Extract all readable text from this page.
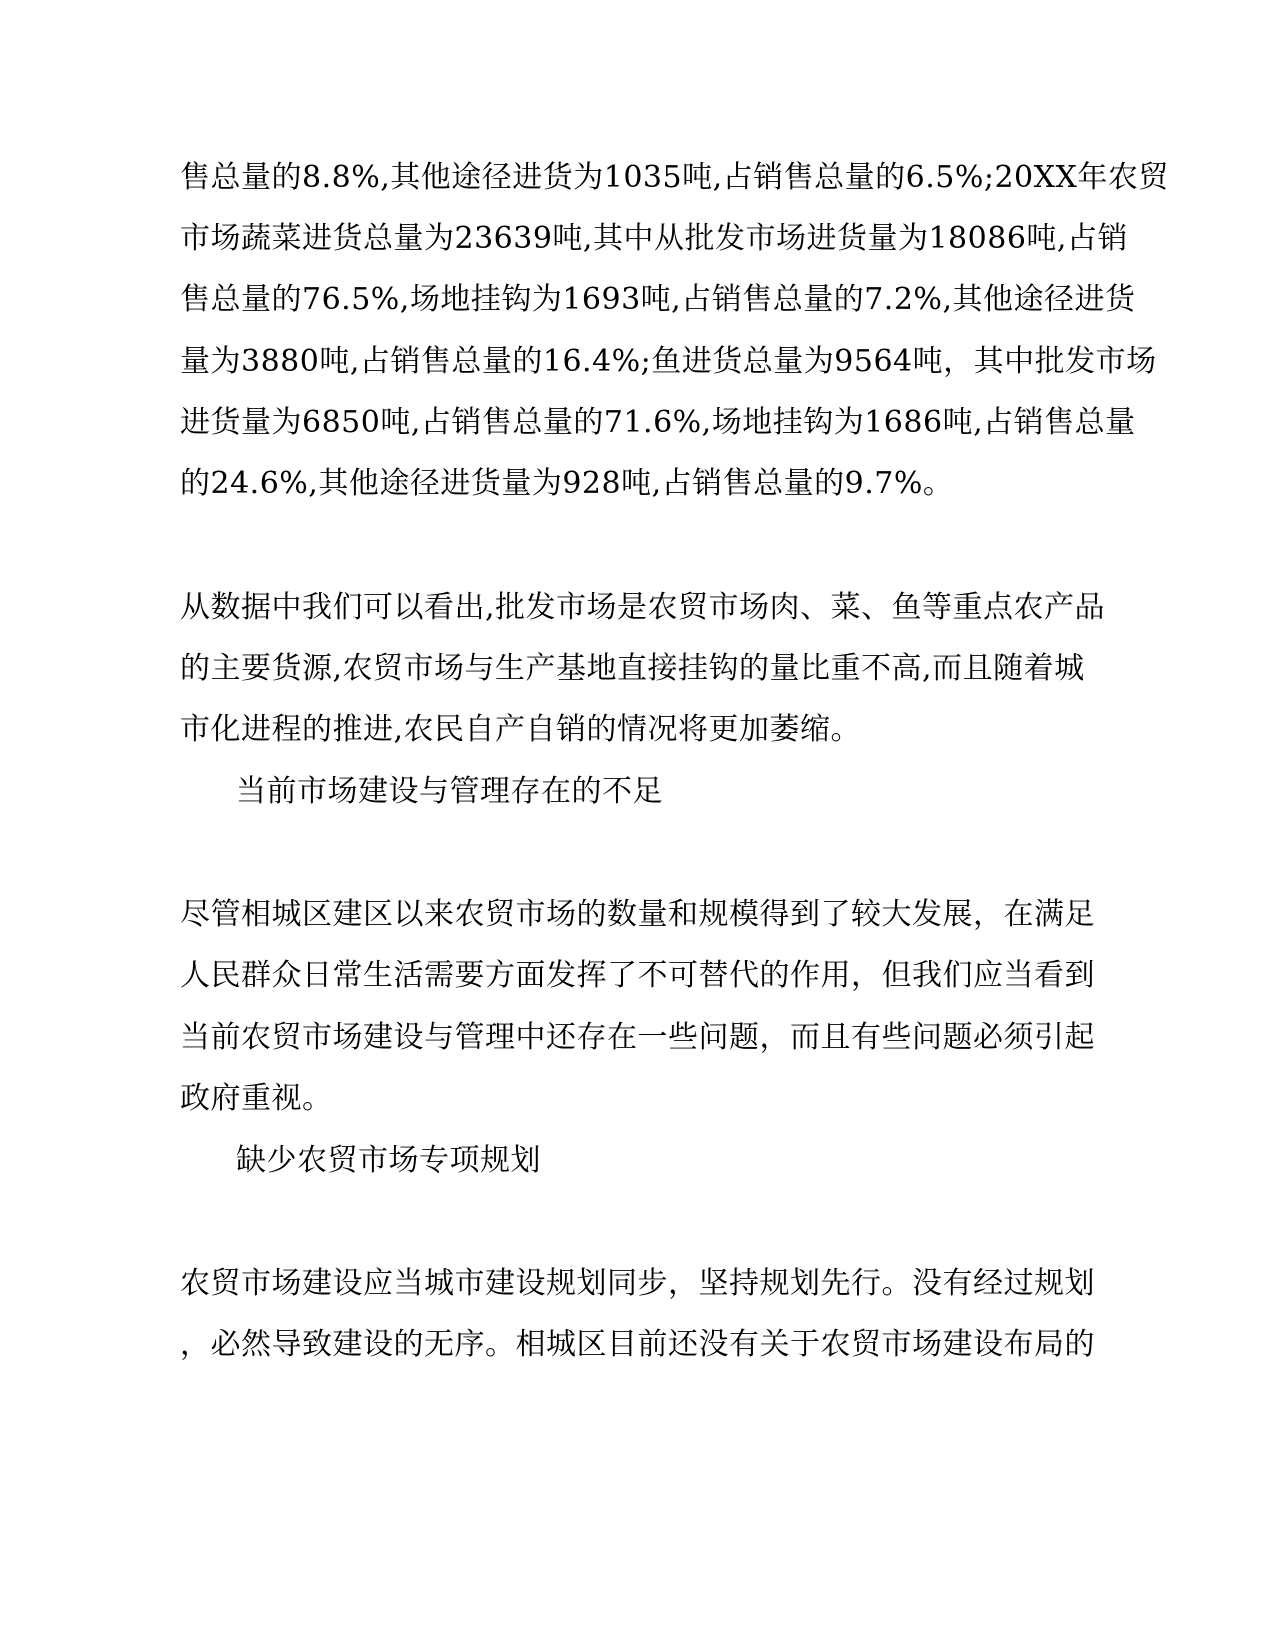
售总量的8.8%,其他途径进货为1035吨,占销售总量的6.5%;20XX年农贸
市场蔬菜进货总量为23639吨,其中从批发市场进货量为18086吨,占销
售总量的76.5%,场地挂钩为1693吨,占销售总量的7.2%,其他途径进货
量为3880吨,占销售总量的16.4%;鱼进货总量为9564吨，其中批发市场
进货量为6850吨,占销售总量的71.6%,场地挂钩为1686吨,占销售总量
的24.6%,其他途径进货量为928吨,占销售总量的9.7%。
从数据中我们可以看出,批发市场是农贸市场肉、菜、鱼等重点农产品
的主要货源,农贸市场与生产基地直接挂钩的量比重不高,而且随着城
市化进程的推进,农民自产自销的情况将更加萎缩。
当前市场建设与管理存在的不足
尽管相城区建区以来农贸市场的数量和规模得到了较大发展，在满足
人民群众日常生活需要方面发挥了不可替代的作用，但我们应当看到
当前农贸市场建设与管理中还存在一些问题，而且有些问题必须引起
政府重视。
缺少农贸市场专项规划
农贸市场建设应当城市建设规划同步，坚持规划先行。没有经过规划
，必然导致建设的无序。相城区目前还没有关于农贸市场建设布局的
